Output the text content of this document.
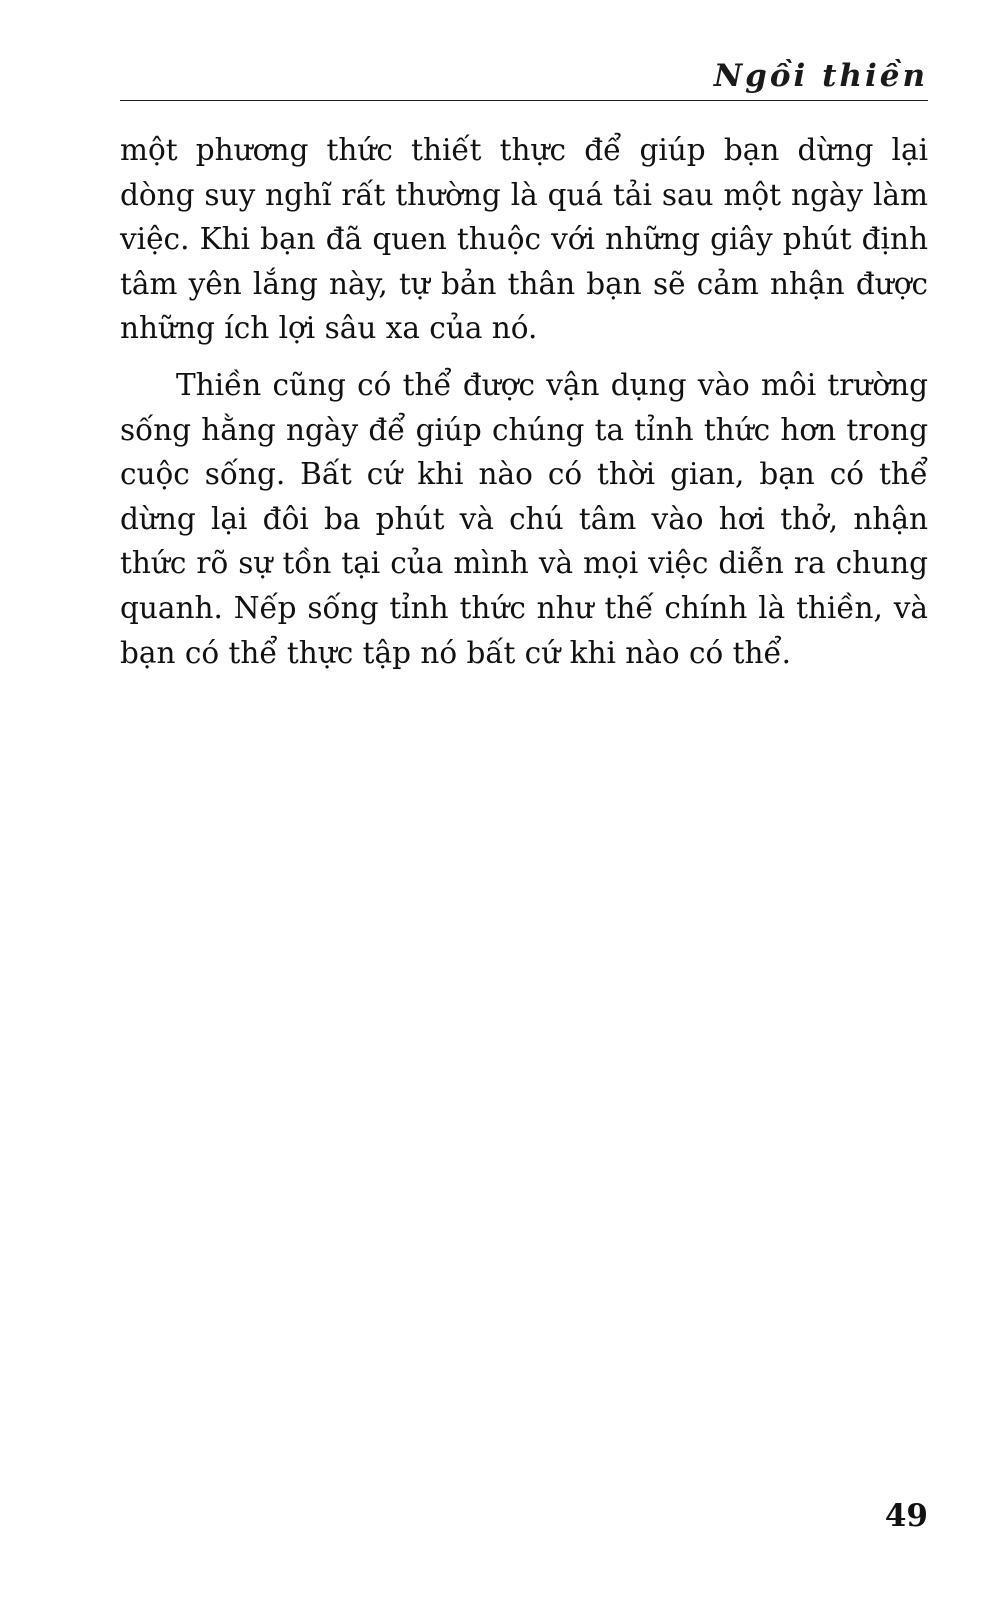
Ngồi thiền

một phương thức thiết thực để giúp bạn dừng lại dòng suy nghĩ rất thường là quá tải sau một ngày làm việc. Khi bạn đã quen thuộc với những giây phút định tâm yên lắng này, tự bản thân bạn sẽ cảm nhận được những ích lợi sâu xa của nó.

Thiền cũng có thể được vận dụng vào môi trường sống hằng ngày để giúp chúng ta tỉnh thức hơn trong cuộc sống. Bất cứ khi nào có thời gian, bạn có thể dừng lại đôi ba phút và chú tâm vào hơi thở, nhận thức rõ sự tồn tại của mình và mọi việc diễn ra chung quanh. Nếp sống tỉnh thức như thế chính là thiền, và bạn có thể thực tập nó bất cứ khi nào có thể.

49
